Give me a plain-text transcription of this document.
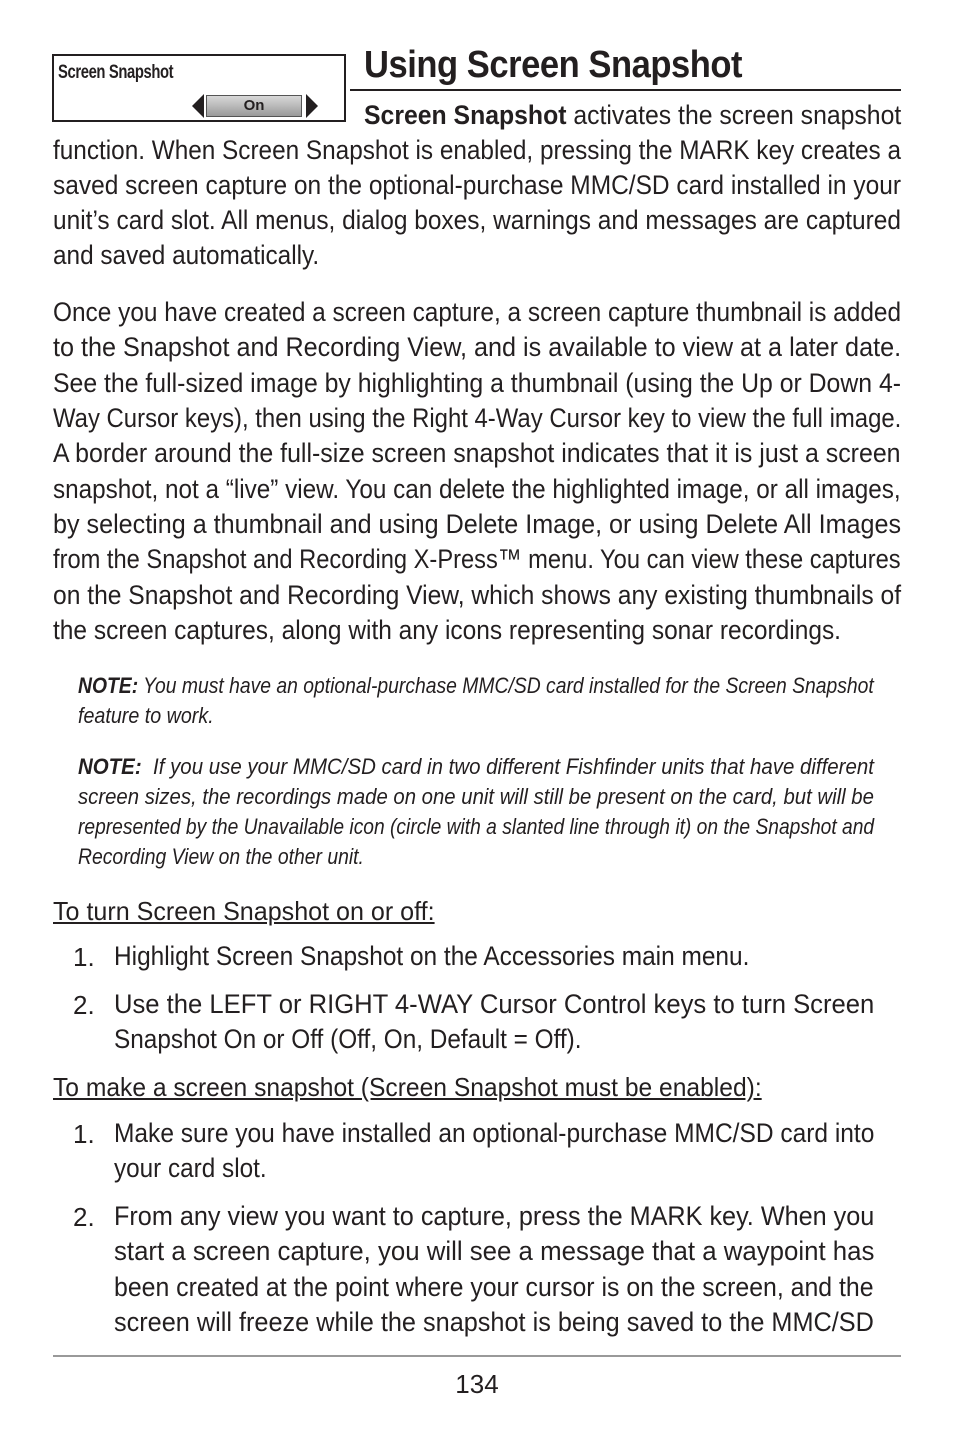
Screen Snapshot
On
Using Screen Snapshot
Screen Snapshot activates the screen snapshot
function. When Screen Snapshot is enabled, pressing the MARK key creates a
saved screen capture on the optional-purchase MMC/SD card installed in your
unit’s card slot. All menus, dialog boxes, warnings and messages are captured
and saved automatically.
Once you have created a screen capture, a screen capture thumbnail is added
to the Snapshot and Recording View, and is available to view at a later date.
See the full-sized image by highlighting a thumbnail (using the Up or Down 4-
Way Cursor keys), then using the Right 4-Way Cursor key to view the full image.
A border around the full-size screen snapshot indicates that it is just a screen
snapshot, not a “live” view. You can delete the highlighted image, or all images,
by selecting a thumbnail and using Delete Image, or using Delete All Images
from the Snapshot and Recording X-Press™ menu. You can view these captures
on the Snapshot and Recording View, which shows any existing thumbnails of
the screen captures, along with any icons representing sonar recordings.
NOTE: You must have an optional-purchase MMC/SD card installed for the Screen Snapshot
feature to work.
NOTE: If you use your MMC/SD card in two different Fishfinder units that have different
screen sizes, the recordings made on one unit will still be present on the card, but will be
represented by the Unavailable icon (circle with a slanted line through it) on the Snapshot and
Recording View on the other unit.
To turn Screen Snapshot on or off:
1. Highlight Screen Snapshot on the Accessories main menu.
2. Use the LEFT or RIGHT 4-WAY Cursor Control keys to turn Screen
Snapshot On or Off (Off, On, Default = Off).
To make a screen snapshot (Screen Snapshot must be enabled):
1. Make sure you have installed an optional-purchase MMC/SD card into
your card slot.
2. From any view you want to capture, press the MARK key. When you
start a screen capture, you will see a message that a waypoint has
been created at the point where your cursor is on the screen, and the
screen will freeze while the snapshot is being saved to the MMC/SD
134
